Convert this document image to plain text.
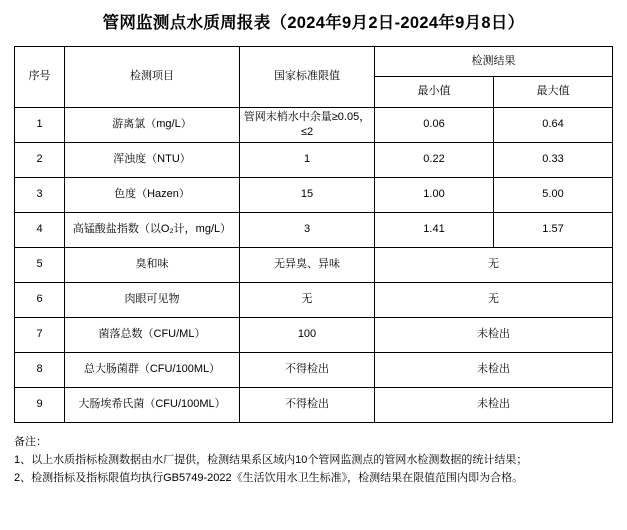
管网监测点水质周报表（2024年9月2日-2024年9月8日）
序号	检测项目	国家标准限值	检测结果	
			最小值	最大值
1	游离氯（mg/L）	管网末梢水中余量≥0.05，≤2	0.06	0.64
2	浑浊度（NTU）	1	0.22	0.33
3	色度（Hazen）	15	1.00	5.00
4	高锰酸盐指数（以O₂计，mg/L）	3	1.41	1.57
5	臭和味	无异臭、异味	无	
6	肉眼可见物	无	无	
7	菌落总数（CFU/ML）	100	未检出	
8	总大肠菌群（CFU/100ML）	不得检出	未检出	
9	大肠埃希氏菌（CFU/100ML）	不得检出	未检出	
备注：
1、以上水质指标检测数据由水厂提供，检测结果系区域内10个管网监测点的管网水检测数据的统计结果；
2、检测指标及指标限值均执行GB5749-2022《生活饮用水卫生标准》，检测结果在限值范围内即为合格。
